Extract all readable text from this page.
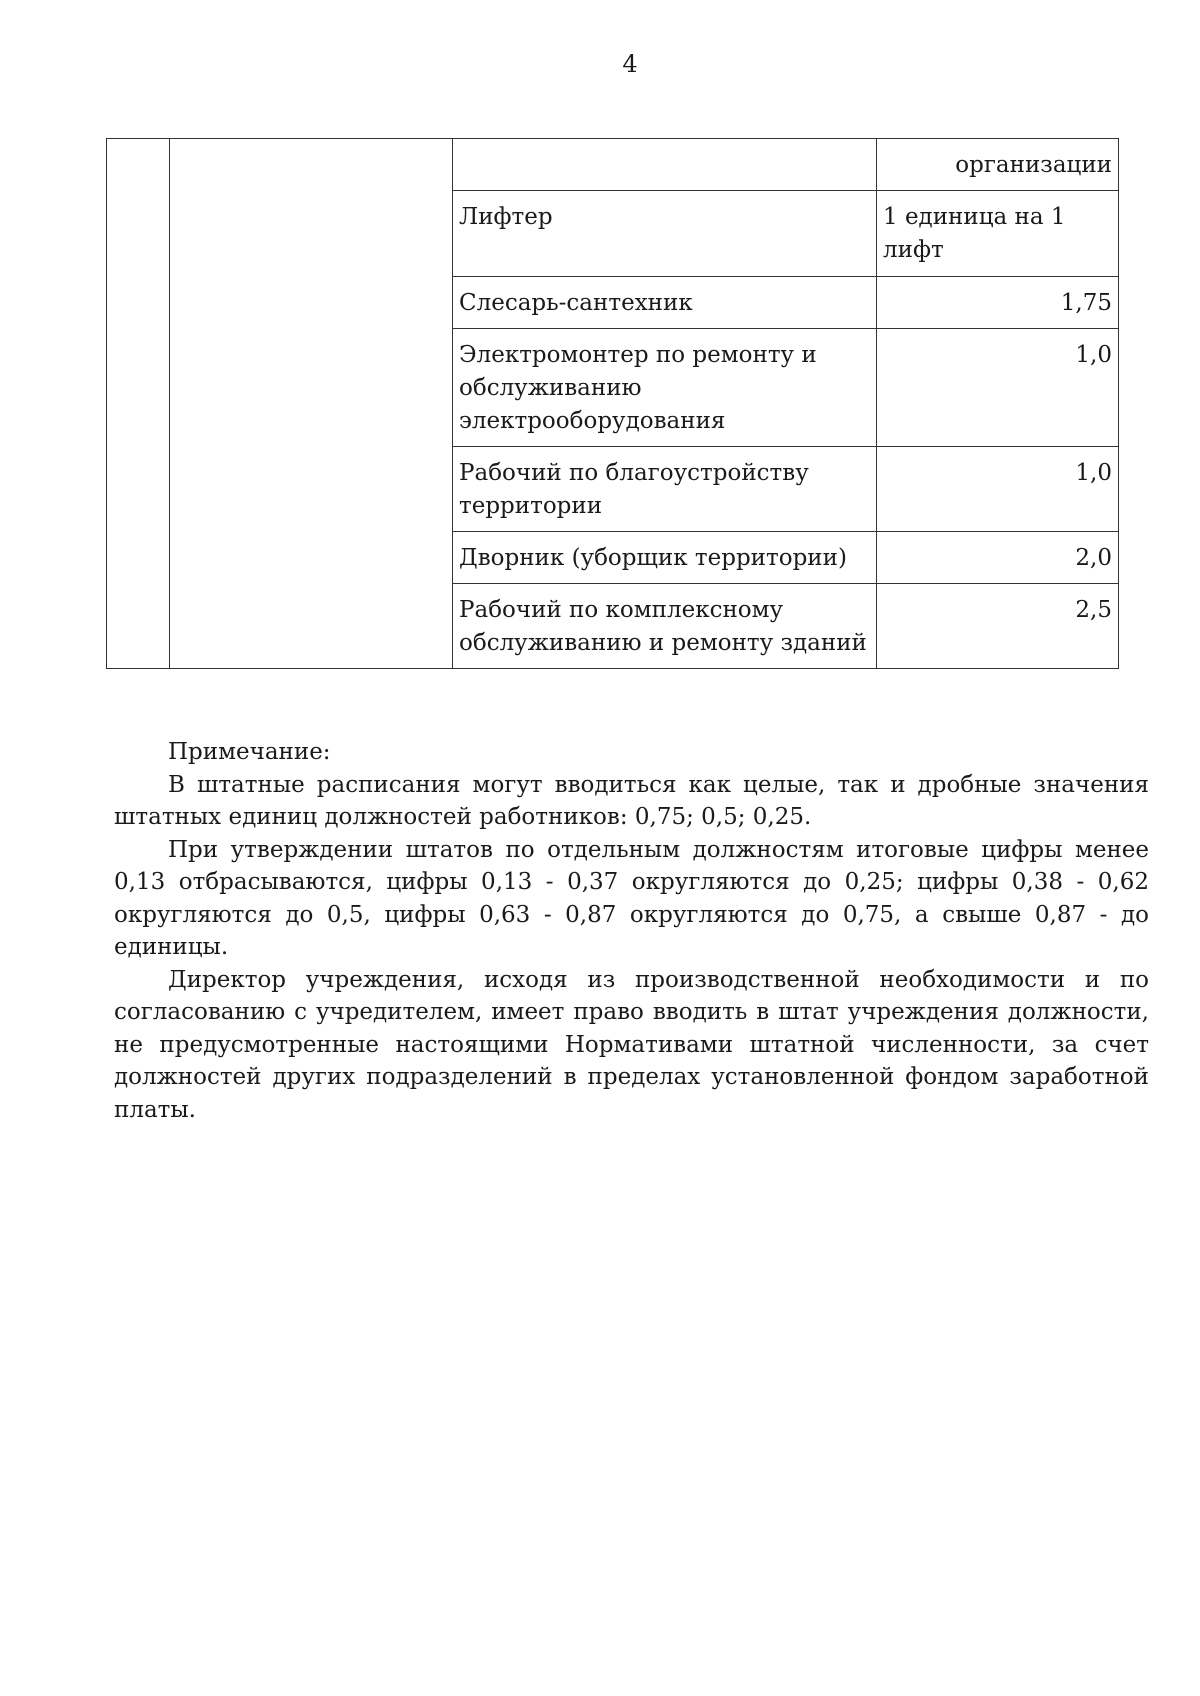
4
			организации
		Лифтер	1 единица на 1 лифт
		Слесарь-сантехник	1,75
		Электромонтер по ремонту и обслуживанию электрооборудования	1,0
		Рабочий по благоустройству территории	1,0
		Дворник (уборщик территории)	2,0
		Рабочий по комплексному обслуживанию и ремонту зданий	2,5

Примечание:

В штатные расписания могут вводиться как целые, так и дробные значения штатных единиц должностей работников: 0,75; 0,5; 0,25.

При утверждении штатов по отдельным должностям итоговые цифры менее 0,13 отбрасываются, цифры 0,13 - 0,37 округляются до 0,25; цифры 0,38 - 0,62 округляются до 0,5, цифры 0,63 - 0,87 округляются до 0,75, а свыше 0,87 - до единицы.

Директор учреждения, исходя из производственной необходимости и по согласованию с учредителем, имеет право вводить в штат учреждения должности, не предусмотренные настоящими Нормативами штатной численности, за счет должностей других подразделений в пределах установленной фондом заработной платы.
